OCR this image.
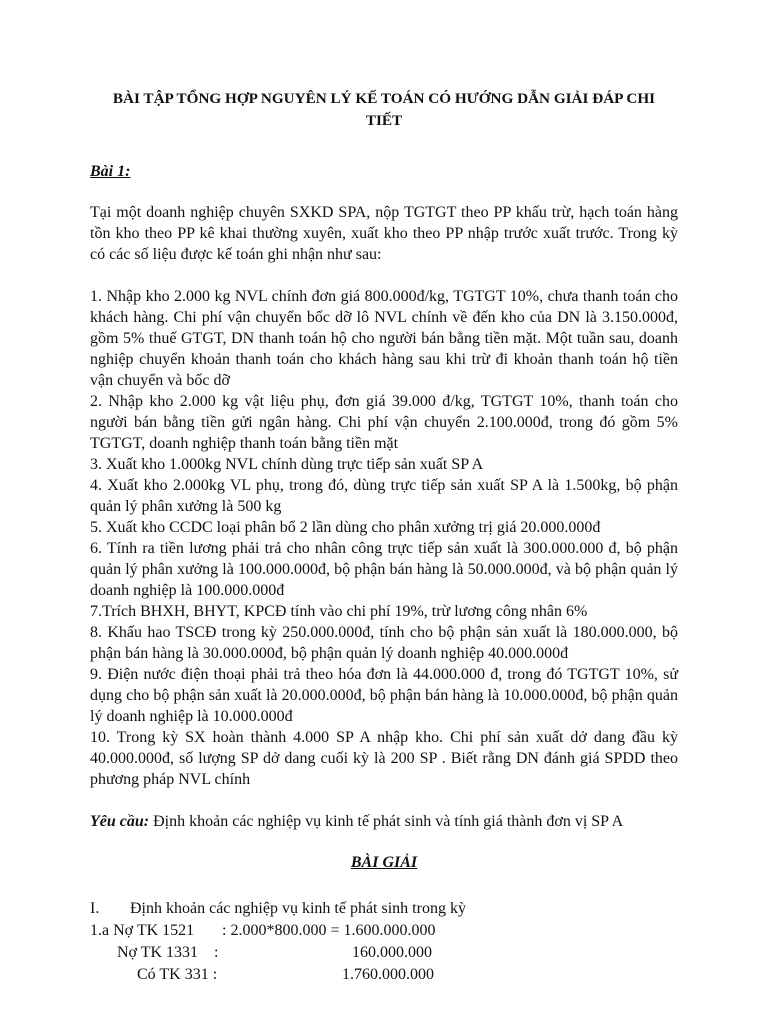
BÀI TẬP TỔNG HỢP NGUYÊN LÝ KẾ TOÁN CÓ HƯỚNG DẪN GIẢI ĐÁP CHI TIẾT

Bài 1:

Tại một doanh nghiệp chuyên SXKD SPA, nộp TGTGT theo PP khấu trừ, hạch toán hàng tồn kho theo PP kê khai thường xuyên, xuất kho theo PP nhập trước xuất trước. Trong kỳ có các số liệu được kế toán ghi nhận như sau:

1. Nhập kho 2.000 kg NVL chính đơn giá 800.000đ/kg, TGTGT 10%, chưa thanh toán cho khách hàng. Chi phí vận chuyển bốc dỡ lô NVL chính về đến kho của DN là 3.150.000đ, gồm 5% thuế GTGT, DN thanh toán hộ cho người bán bằng tiền mặt. Một tuần sau, doanh nghiệp chuyển khoản thanh toán cho khách hàng sau khi trừ đi khoản thanh toán hộ tiền vận chuyển và bốc dỡ

2. Nhập kho 2.000 kg vật liệu phụ, đơn giá 39.000 đ/kg, TGTGT 10%, thanh toán cho người bán bằng tiền gửi ngân hàng. Chi phí vận chuyển 2.100.000đ, trong đó gồm 5% TGTGT, doanh nghiệp thanh toán bằng tiền mặt

3. Xuất kho 1.000kg NVL chính dùng trực tiếp sản xuất SP A

4. Xuất kho 2.000kg VL phụ, trong đó, dùng trực tiếp sản xuất SP A là 1.500kg, bộ phận quản lý phân xưởng là 500 kg

5. Xuất kho CCDC loại phân bổ 2 lần dùng cho phân xưởng trị giá 20.000.000đ

6. Tính ra tiền lương phải trả cho nhân công trực tiếp sản xuất là 300.000.000 đ, bộ phận quản lý phân xưởng là 100.000.000đ, bộ phận bán hàng là 50.000.000đ, và bộ phận quản lý doanh nghiệp là 100.000.000đ

7.Trích BHXH, BHYT, KPCĐ tính vào chi phí 19%, trừ lương công nhân 6%

8. Khấu hao TSCĐ trong kỳ 250.000.000đ, tính cho bộ phận sản xuất là 180.000.000, bộ phận bán hàng là 30.000.000đ, bộ phận quản lý doanh nghiệp 40.000.000đ

9. Điện nước điện thoại phải trả theo hóa đơn là 44.000.000 đ, trong đó TGTGT 10%, sử dụng cho bộ phận sản xuất là 20.000.000đ, bộ phận bán hàng là 10.000.000đ, bộ phận quản lý doanh nghiệp là 10.000.000đ

10. Trong kỳ SX hoàn thành 4.000 SP A nhập kho. Chi phí sản xuất dở dang đầu kỳ 40.000.000đ, số lượng SP dở dang cuối kỳ là 200 SP . Biết rằng DN đánh giá SPDD theo phương pháp NVL chính

Yêu cầu: Định khoản các nghiệp vụ kinh tế phát sinh và tính giá thành đơn vị SP A

BÀI GIẢI

I.	Định khoản các nghiệp vụ kinh tế phát sinh trong kỳ
1.a Nợ TK 1521 : 2.000*800.000 = 1.600.000.000
Nợ TK 1331 :	160.000.000
Có TK 331 :	1.760.000.000
